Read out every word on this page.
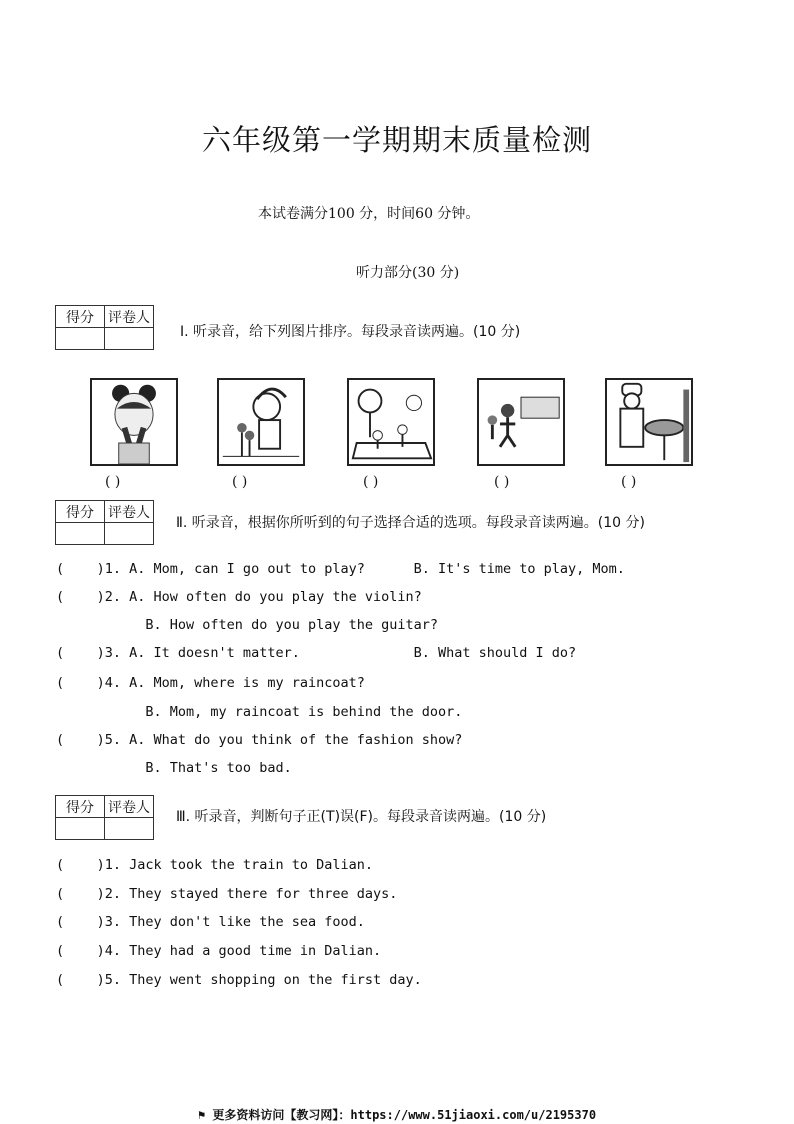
六年级第一学期期末质量检测
本试卷满分100 分，时间60 分钟。
听力部分(30 分)
得分	评卷人

Ⅰ. 听录音，给下列图片排序。每段录音读两遍。(10 分)
( )	( )	( )	( )	( )
得分	评卷人

Ⅱ. 听录音，根据你所听到的句子选择合适的选项。每段录音读两遍。(10 分)
(    )1. A. Mom, can I go out to play?      B. It's time to play, Mom.
(    )2. A. How often do you play the violin?
B. How often do you play the guitar?
(    )3. A. It doesn't matter.              B. What should I do?
(    )4. A. Mom, where is my raincoat?
B. Mom, my raincoat is behind the door.
(    )5. A. What do you think of the fashion show?
B. That's too bad.
得分	评卷人

Ⅲ. 听录音，判断句子正(T)误(F)。每段录音读两遍。(10 分)
(    )1. Jack took the train to Dalian.
(    )2. They stayed there for three days.
(    )3. They don't like the sea food.
(    )4. They had a good time in Dalian.
(    )5. They went shopping on the first day.
⚑ 更多资料访问【教习网】：https://www.51jiaoxi.com/u/2195370
